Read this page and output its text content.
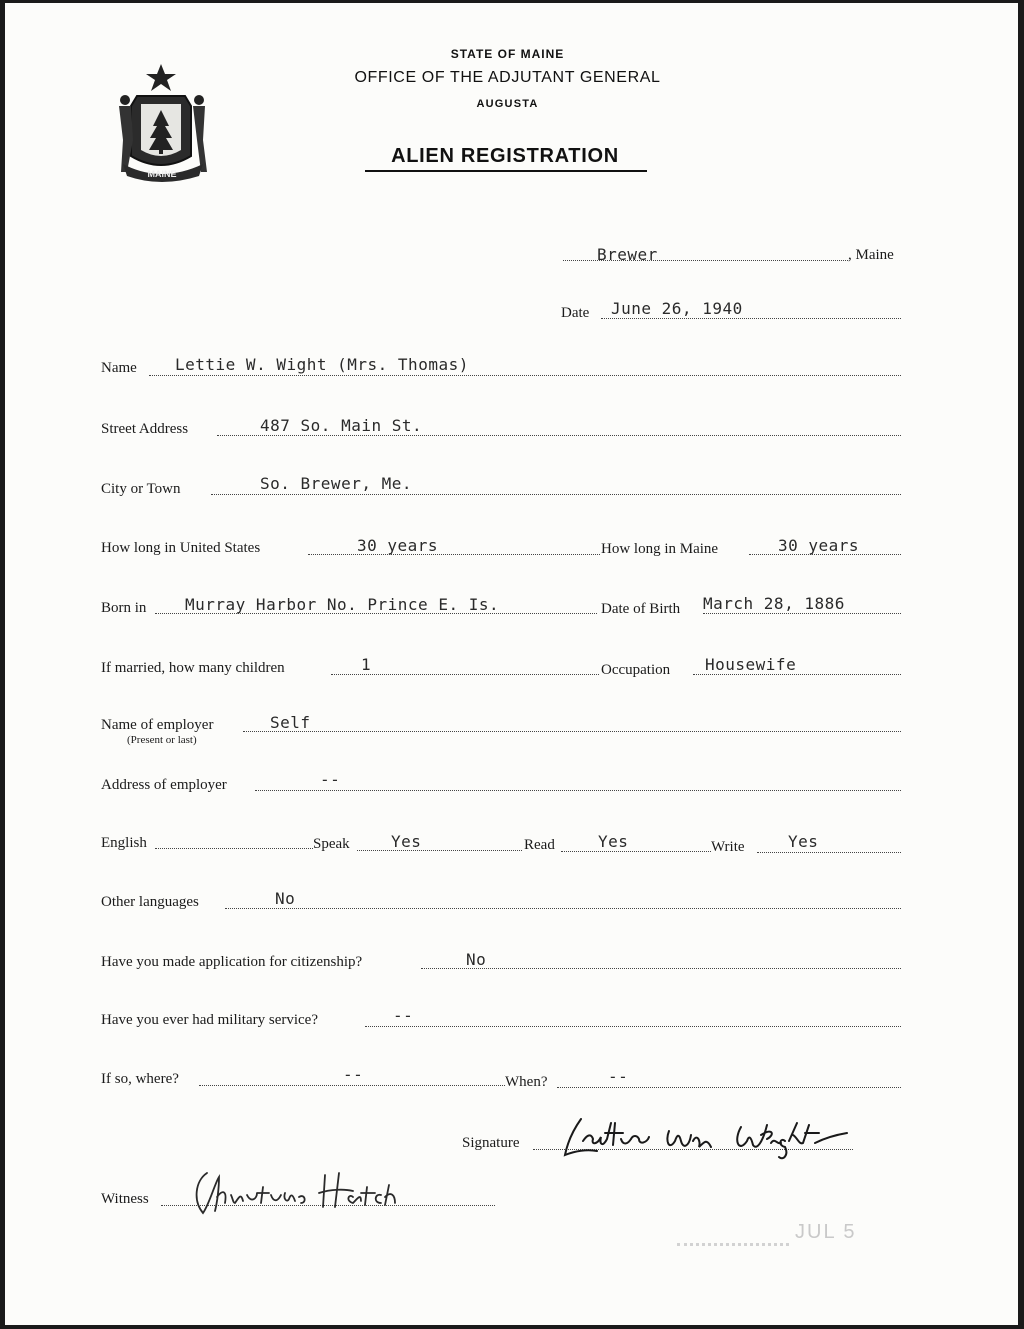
MAINE
STATE OF MAINE
OFFICE OF THE ADJUTANT GENERAL
AUGUSTA
ALIEN REGISTRATION
Brewer	, Maine
Date June 26, 1940
Name Lettie W. Wight (Mrs. Thomas)
Street Address	487 So. Main St.
City or Town	So. Brewer, Me.
How long in United States	30 years	How long in Maine	30 years
Born in Murray Harbor No. Prince E. Is.	Date of Birth March 28, 1886
If married, how many children	1	Occupation Housewife
Name of employer
(Present or last)
Self
Address of employer	--
English	Speak	Yes	Read	Yes	Write	Yes
Other languages	No
Have you made application for citizenship?	No
Have you ever had military service?	--
If so, where?	--	When?	--
Signature
Witness
JUL 5
